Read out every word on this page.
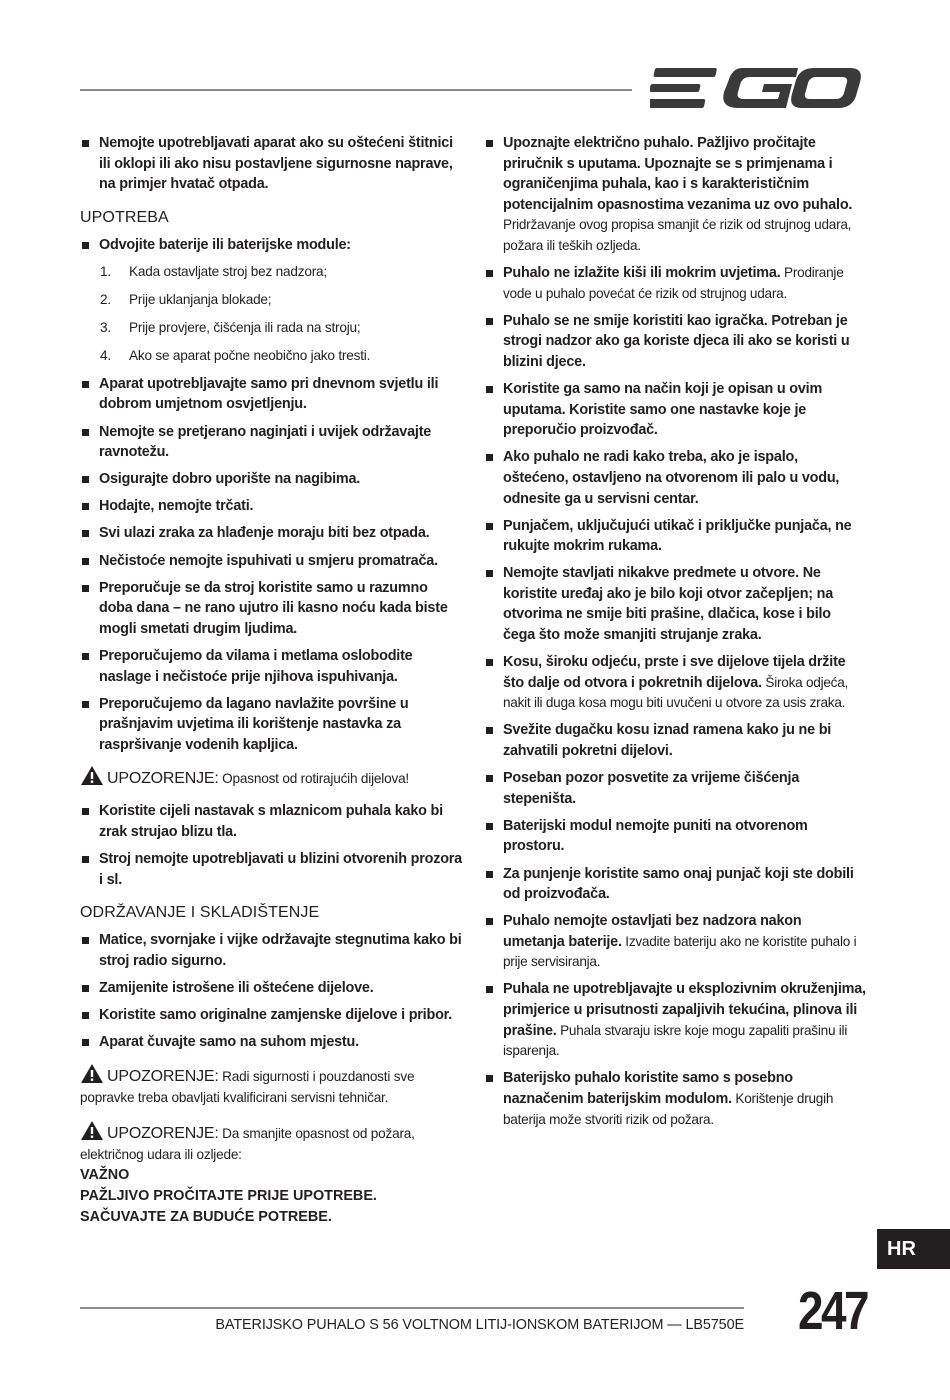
Nemojte upotrebljavati aparat ako su oštećeni štitnici ili oklopi ili ako nisu postavljene sigurnosne naprave, na primjer hvatač otpada.
UPOTREBA
Odvojite baterije ili baterijske module:
1. Kada ostavljate stroj bez nadzora;
2. Prije uklanjanja blokade;
3. Prije provjere, čišćenja ili rada na stroju;
4. Ako se aparat počne neobično jako tresti.
Aparat upotrebljavajte samo pri dnevnom svjetlu ili dobrom umjetnom osvjetljenju.
Nemojte se pretjerano naginjati i uvijek održavajte ravnotežu.
Osigurajte dobro uporište na nagibima.
Hodajte, nemojte trčati.
Svi ulazi zraka za hlađenje moraju biti bez otpada.
Nečistoće nemojte ispuhivati u smjeru promatrača.
Preporučuje se da stroj koristite samo u razumno doba dana – ne rano ujutro ili kasno noću kada biste mogli smetati drugim ljudima.
Preporučujemo da vilama i metlama oslobodite naslage i nečistoće prije njihova ispuhivanja.
Preporučujemo da lagano navlažite površine u prašnjavim uvjetima ili korištenje nastavka za raspršivanje vodenih kapljica.
UPOZORENJE: Opasnost od rotirajućih dijelova!
Koristite cijeli nastavak s mlaznicom puhala kako bi zrak strujao blizu tla.
Stroj nemojte upotrebljavati u blizini otvorenih prozora i sl.
ODRŽAVANJE I SKLADIŠTENJE
Matice, svornjake i vijke održavajte stegnutima kako bi stroj radio sigurno.
Zamijenite istrošene ili oštećene dijelove.
Koristite samo originalne zamjenske dijelove i pribor.
Aparat čuvajte samo na suhom mjestu.
UPOZORENJE: Radi sigurnosti i pouzdanosti sve popravke treba obavljati kvalificirani servisni tehničar.
UPOZORENJE: Da smanjite opasnost od požara, električnog udara ili ozljede:
VAŽNO
PAŽLJIVO PROČITAJTE PRIJE UPOTREBE.
SAČUVAJTE ZA BUDUĆE POTREBE.
Upoznajte električno puhalo. Pažljivo pročitajte priručnik s uputama. Upoznajte se s primjenama i ograničenjima puhala, kao i s karakterističnim potencijalnim opasnostima vezanima uz ovo puhalo. Pridržavanje ovog propisa smanjit će rizik od strujnog udara, požara ili teških ozljeda.
Puhalo ne izlažite kiši ili mokrim uvjetima. Prodiranje vode u puhalo povećat će rizik od strujnog udara.
Puhalo se ne smije koristiti kao igračka. Potreban je strogi nadzor ako ga koriste djeca ili ako se koristi u blizini djece.
Koristite ga samo na način koji je opisan u ovim uputama. Koristite samo one nastavke koje je preporučio proizvođač.
Ako puhalo ne radi kako treba, ako je ispalo, oštećeno, ostavljeno na otvorenom ili palo u vodu, odnesite ga u servisni centar.
Punjačem, uključujući utikač i priključke punjača, ne rukujte mokrim rukama.
Nemojte stavljati nikakve predmete u otvore. Ne koristite uređaj ako je bilo koji otvor začepljen; na otvorima ne smije biti prašine, dlačica, kose i bilo čega što može smanjiti strujanje zraka.
Kosu, široku odjeću, prste i sve dijelove tijela držite što dalje od otvora i pokretnih dijelova. Široka odjeća, nakit ili duga kosa mogu biti uvučeni u otvore za usis zraka.
Svežite dugačku kosu iznad ramena kako ju ne bi zahvatili pokretni dijelovi.
Poseban pozor posvetite za vrijeme čišćenja stepeništa.
Baterijski modul nemojte puniti na otvorenom prostoru.
Za punjenje koristite samo onaj punjač koji ste dobili od proizvođača.
Puhalo nemojte ostavljati bez nadzora nakon umetanja baterije. Izvadite bateriju ako ne koristite puhalo i prije servisiranja.
Puhala ne upotrebljavajte u eksplozivnim okruženjima, primjerice u prisutnosti zapaljivih tekućina, plinova ili prašine. Puhala stvaraju iskre koje mogu zapaliti prašinu ili isparenja.
Baterijsko puhalo koristite samo s posebno naznačenim baterijskim modulom. Korištenje drugih baterija može stvoriti rizik od požara.
HR
BATERIJSKO PUHALO S 56 VOLTNOM LITIJ-IONSKOM BATERIJOM — LB5750E 247
